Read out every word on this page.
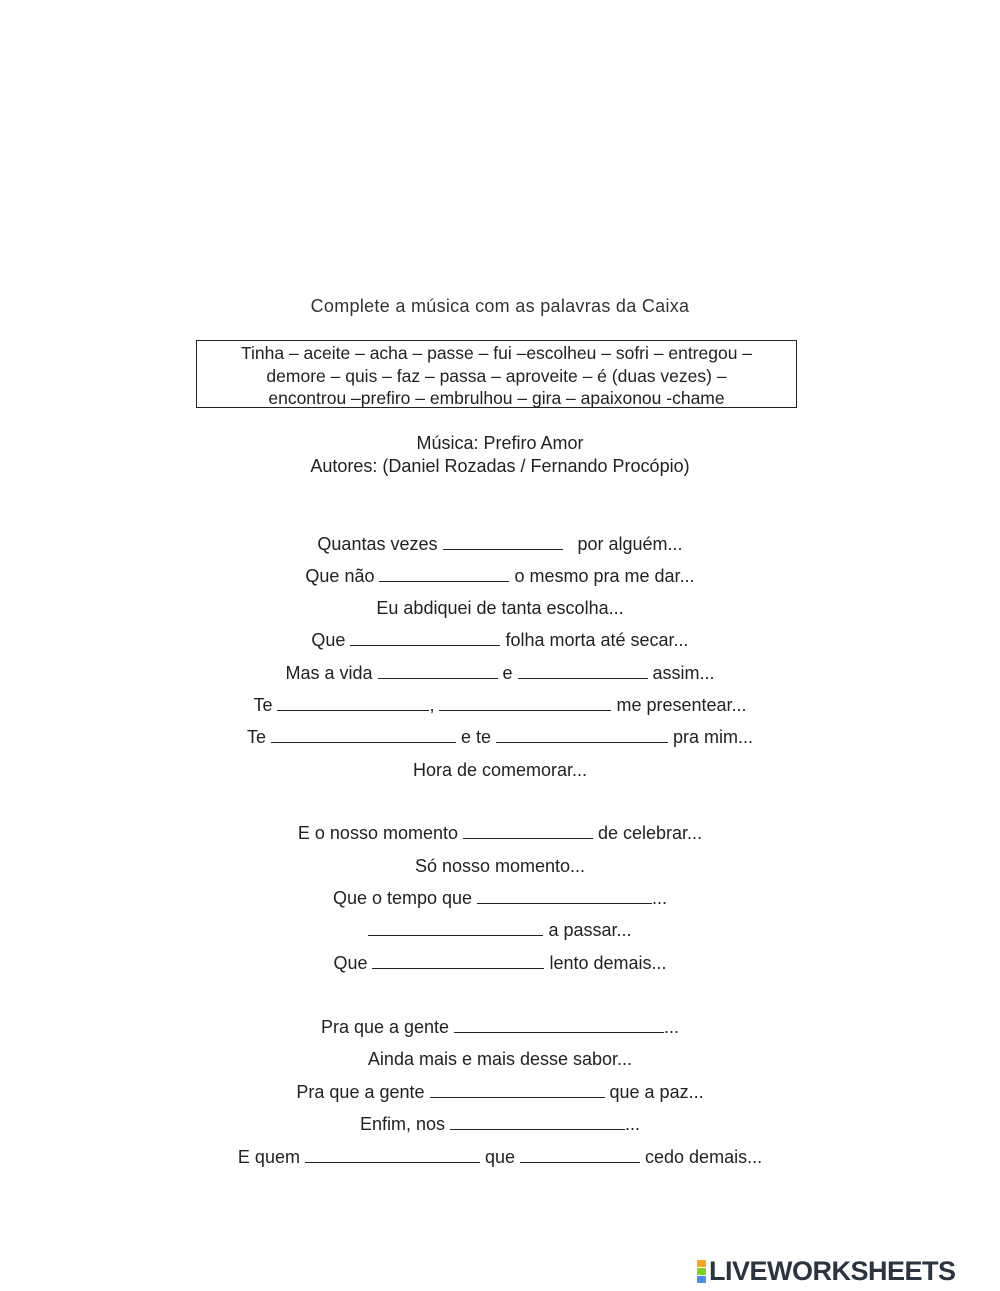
Complete a música com as palavras da Caixa
Tinha – aceite – acha – passe – fui –escolheu – sofri – entregou –
demore – quis – faz – passa – aproveite – é (duas vezes) –
encontrou –prefiro – embrulhou – gira – apaixonou -chame
Música: Prefiro Amor
Autores: (Daniel Rozadas / Fernando Procópio)
Quantas vezes	por alguém...
Que não	o mesmo pra me dar...
Eu abdiquei de tanta escolha...
Que	folha morta até secar...
Mas a vida	e	assim...
Te	,	me presentear...
Te	e te	pra mim...
Hora de comemorar...
E o nosso momento	de celebrar...
Só nosso momento...
Que o tempo que	...
a passar...
Que	lento demais...
Pra que a gente	...
Ainda mais e mais desse sabor...
Pra que a gente	que a paz...
Enfim, nos	...
E quem	que	cedo demais...
LIVEWORKSHEETS
